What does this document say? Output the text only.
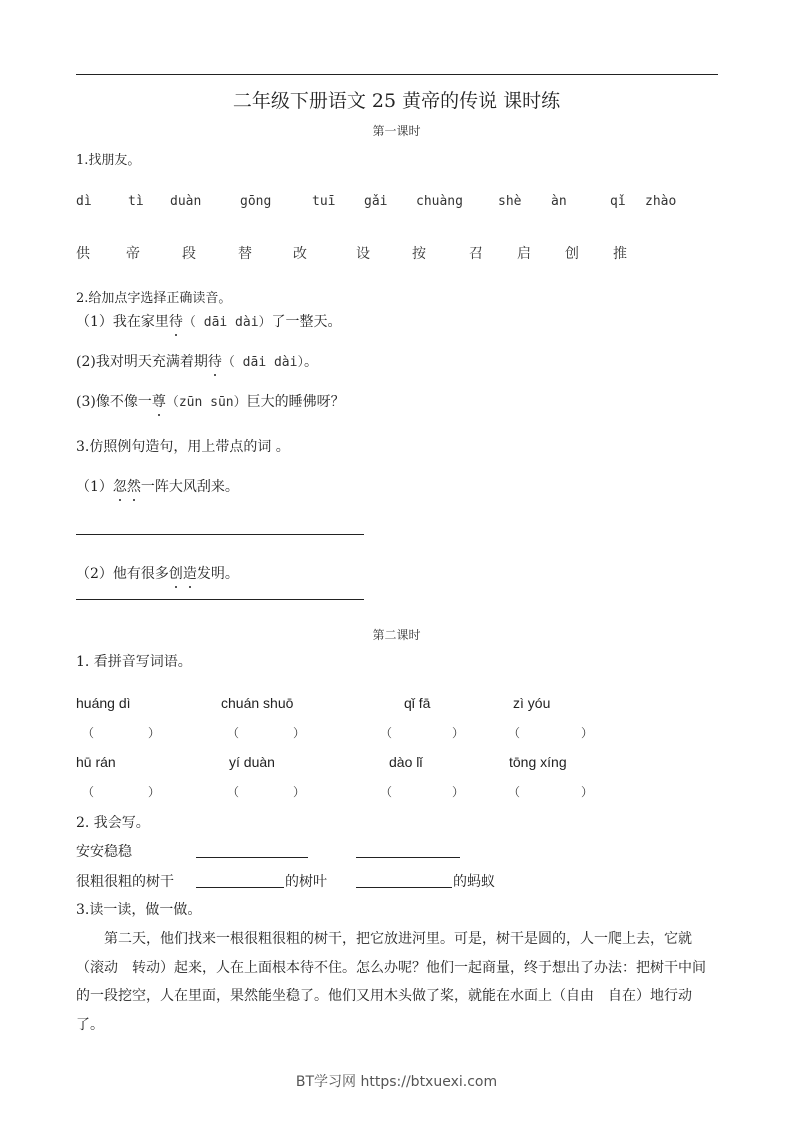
二年级下册语文 25 黄帝的传说 课时练
第一课时
1.找朋友。
dì	tì duàn	gōng	tuī gǎi chuàng	shè àn	qǐ zhào
供	帝	段	替	改	设	按	召 启 创 推
2.给加点字选择正确读音。
（1）我在家里待（ dāi dài）了一整天。
(2)我对明天充满着期待（ dāi dài）。
(3)像不像一尊（zūn sūn）巨大的睡佛呀？
3.仿照例句造句，用上带点的词 。
（1）忽然一阵大风刮来。
（2）他有很多创造发明。
第二课时
1. 看拼音写词语。
huáng dì	chuán shuō	qǐ fā	zì yóu
（	）	（	）	（	）	（	）
hū rán	yí duàn	dào lǐ	tōng xíng
（	）	（	）	（	）	（	）
2. 我会写。
安安稳稳
很粗很粗的树干	的树叶	的蚂蚁
3.读一读，做一做。
第二天，他们找来一根很粗很粗的树干，把它放进河里。可是，树干是圆的，人一爬上去，它就（滚动　转动）起来，人在上面根本待不住。怎么办呢？他们一起商量，终于想出了办法：把树干中间的一段挖空，人在里面，果然能坐稳了。他们又用木头做了桨，就能在水面上（自由　自在）地行动了。
BT学习网 https://btxuexi.com
